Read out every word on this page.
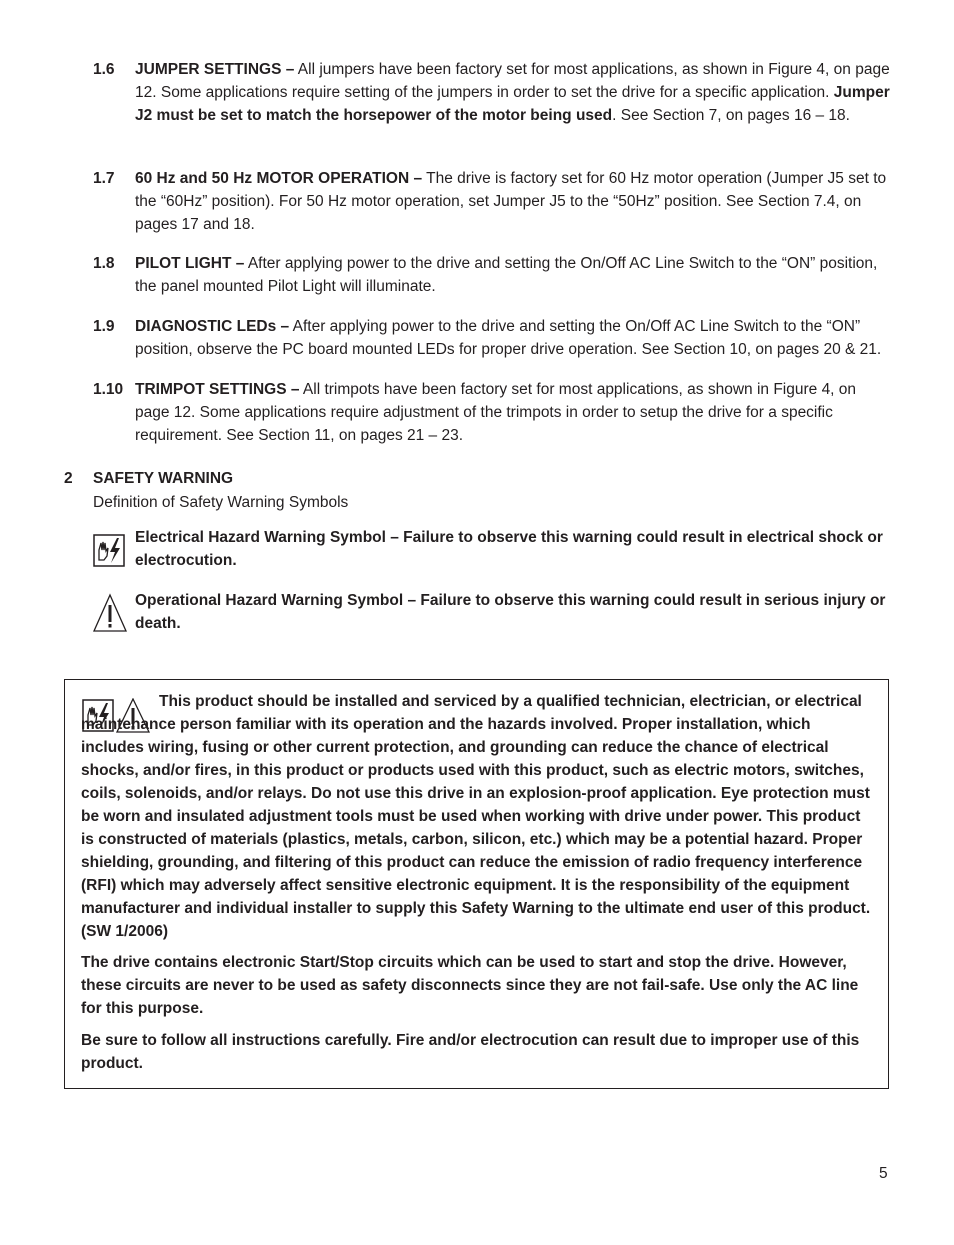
1.6 JUMPER SETTINGS – All jumpers have been factory set for most applications, as shown in Figure 4, on page 12. Some applications require setting of the jumpers in order to set the drive for a specific application. Jumper J2 must be set to match the horsepower of the motor being used. See Section 7, on pages 16 – 18.
1.7 60 Hz and 50 Hz MOTOR OPERATION – The drive is factory set for 60 Hz motor operation (Jumper J5 set to the “60Hz” position). For 50 Hz motor operation, set Jumper J5 to the “50Hz” position. See Section 7.4, on pages 17 and 18.
1.8 PILOT LIGHT – After applying power to the drive and setting the On/Off AC Line Switch to the “ON” position, the panel mounted Pilot Light will illuminate.
1.9 DIAGNOSTIC LEDs – After applying power to the drive and setting the On/Off AC Line Switch to the “ON” position, observe the PC board mounted LEDs for proper drive operation. See Section 10, on pages 20 & 21.
1.10 TRIMPOT SETTINGS – All trimpots have been factory set for most applications, as shown in Figure 4, on page 12. Some applications require adjustment of the trimpots in order to setup the drive for a specific requirement. See Section 11, on pages 21 – 23.
2 SAFETY WARNING
Definition of Safety Warning Symbols
Electrical Hazard Warning Symbol – Failure to observe this warning could result in electrical shock or electrocution.
Operational Hazard Warning Symbol – Failure to observe this warning could result in serious injury or death.
This product should be installed and serviced by a qualified technician, electrician, or electrical maintenance person familiar with its operation and the hazards involved. Proper installation, which includes wiring, fusing or other current protection, and grounding can reduce the chance of electrical shocks, and/or fires, in this product or products used with this product, such as electric motors, switches, coils, solenoids, and/or relays. Do not use this drive in an explosion-proof application. Eye protection must be worn and insulated adjustment tools must be used when working with drive under power. This product is constructed of materials (plastics, metals, carbon, silicon, etc.) which may be a potential hazard. Proper shielding, grounding, and filtering of this product can reduce the emission of radio frequency interference (RFI) which may adversely affect sensitive electronic equipment. It is the responsibility of the equipment manufacturer and individual installer to supply this Safety Warning to the ultimate end user of this product. (SW 1/2006)
The drive contains electronic Start/Stop circuits which can be used to start and stop the drive. However, these circuits are never to be used as safety disconnects since they are not fail-safe. Use only the AC line for this purpose.
Be sure to follow all instructions carefully. Fire and/or electrocution can result due to improper use of this product.
5
